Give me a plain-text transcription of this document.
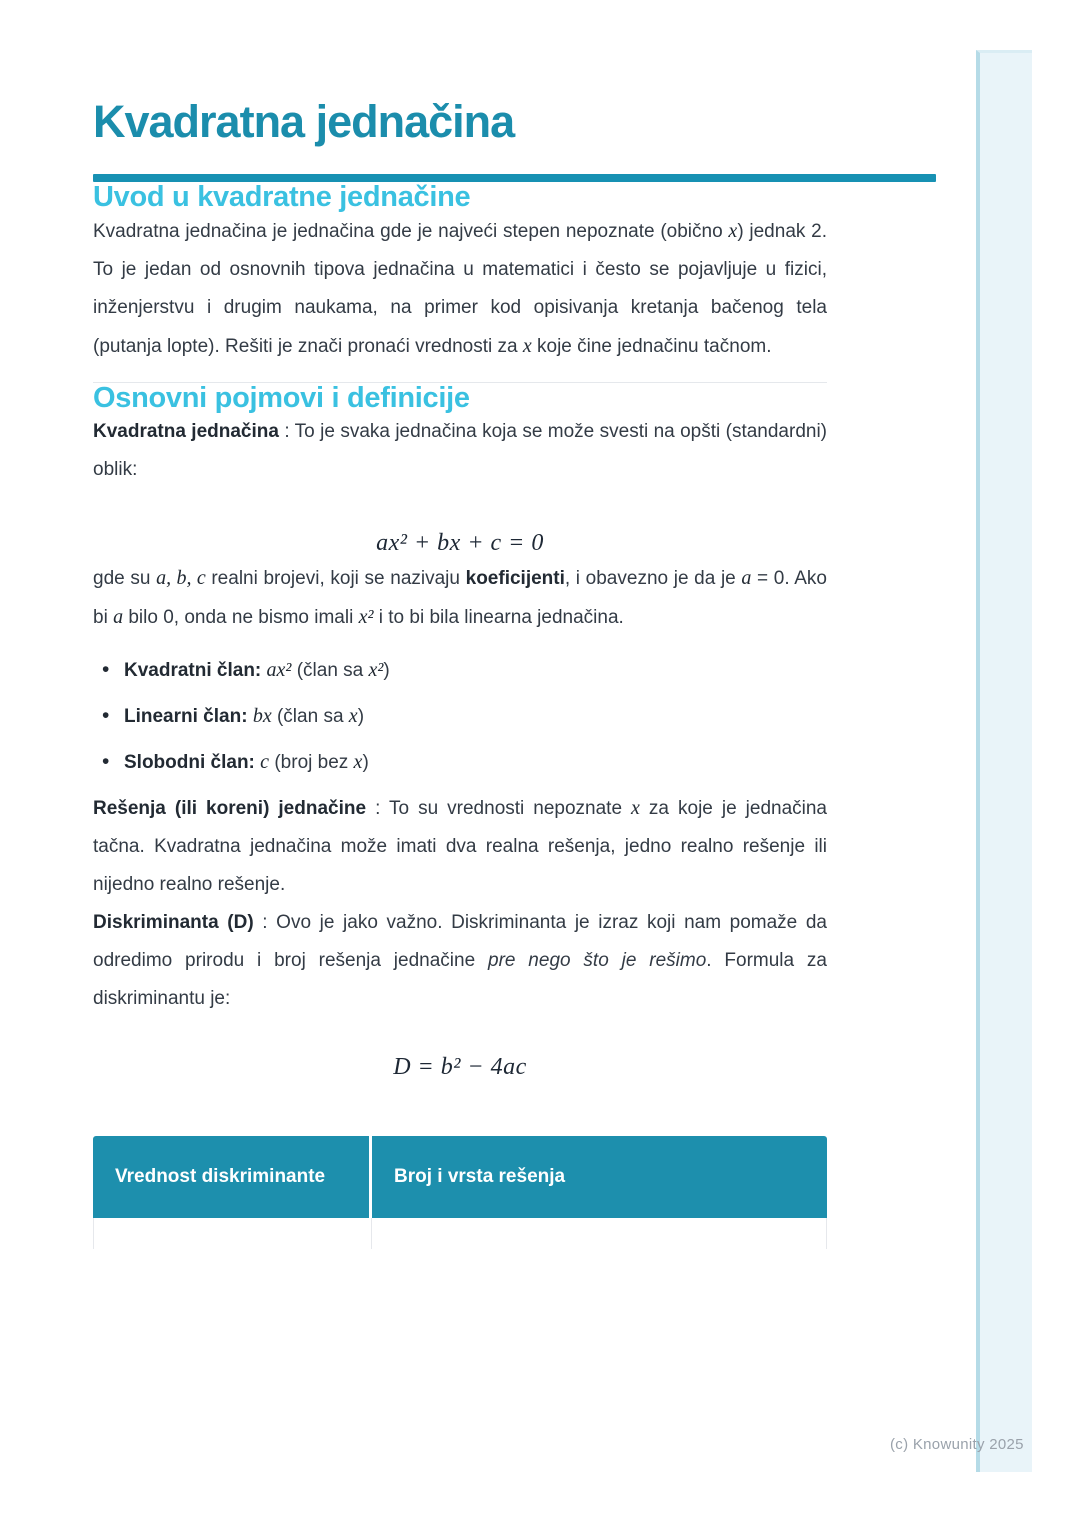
(c) Knowunity 2025
Kvadratna jednačina
Uvod u kvadratne jednačine

Kvadratna jednačina je jednačina gde je najveći stepen nepoznate (obično x) jednak 2. To je jedan od osnovnih tipova jednačina u matematici i često se pojavljuje u fizici, inženjerstvu i drugim naukama, na primer kod opisivanja kretanja bačenog tela (putanja lopte). Rešiti je znači pronaći vrednosti za x koje čine jednačinu tačnom.

Osnovni pojmovi i definicije

Kvadratna jednačina : To je svaka jednačina koja se može svesti na opšti (standardni) oblik:

ax² + bx + c = 0

gde su a, b, c realni brojevi, koji se nazivaju koeficijenti, i obavezno je da je a = 0. Ako bi a bilo 0, onda ne bismo imali x² i to bi bila linearna jednačina.

• Kvadratni član: ax² (član sa x²)
• Linearni član: bx (član sa x)
• Slobodni član: c (broj bez x)

Rešenja (ili koreni) jednačine : To su vrednosti nepoznate x za koje je jednačina tačna. Kvadratna jednačina može imati dva realna rešenja, jedno realno rešenje ili nijedno realno rešenje.

Diskriminanta (D) : Ovo je jako važno. Diskriminanta je izraz koji nam pomaže da odredimo prirodu i broj rešenja jednačine pre nego što je rešimo. Formula za diskriminantu je:

D = b² − 4ac
Vrednost diskriminante	Broj i vrsta rešenja
